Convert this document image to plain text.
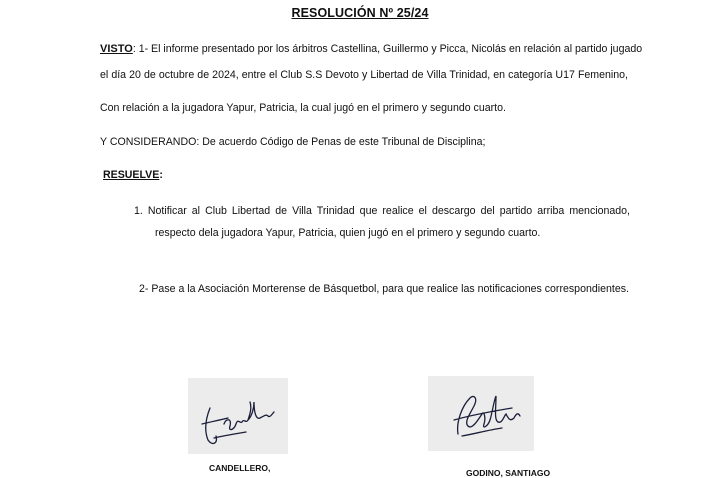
RESOLUCIÓN Nº 25/24
VISTO: 1- El informe presentado por los árbitros Castellina, Guillermo y Picca, Nicolás en relación al partido jugado
el día 20 de octubre de 2024, entre el Club S.S Devoto y Libertad de Villa Trinidad, en categoría U17 Femenino,
Con relación a la jugadora Yapur, Patricia, la cual jugó en el primero y segundo cuarto.
Y CONSIDERANDO: De acuerdo Código de Penas de este Tribunal de Disciplina;
RESUELVE:
1. Notificar al Club Libertad de Villa Trinidad que realice el descargo del partido arriba mencionado,
respecto dela jugadora Yapur, Patricia, quien jugó en el primero y segundo cuarto.
2- Pase a la Asociación Morterense de Básquetbol, para que realice las notificaciones correspondientes.
CANDELLERO,	GODINO, SANTIAGO
